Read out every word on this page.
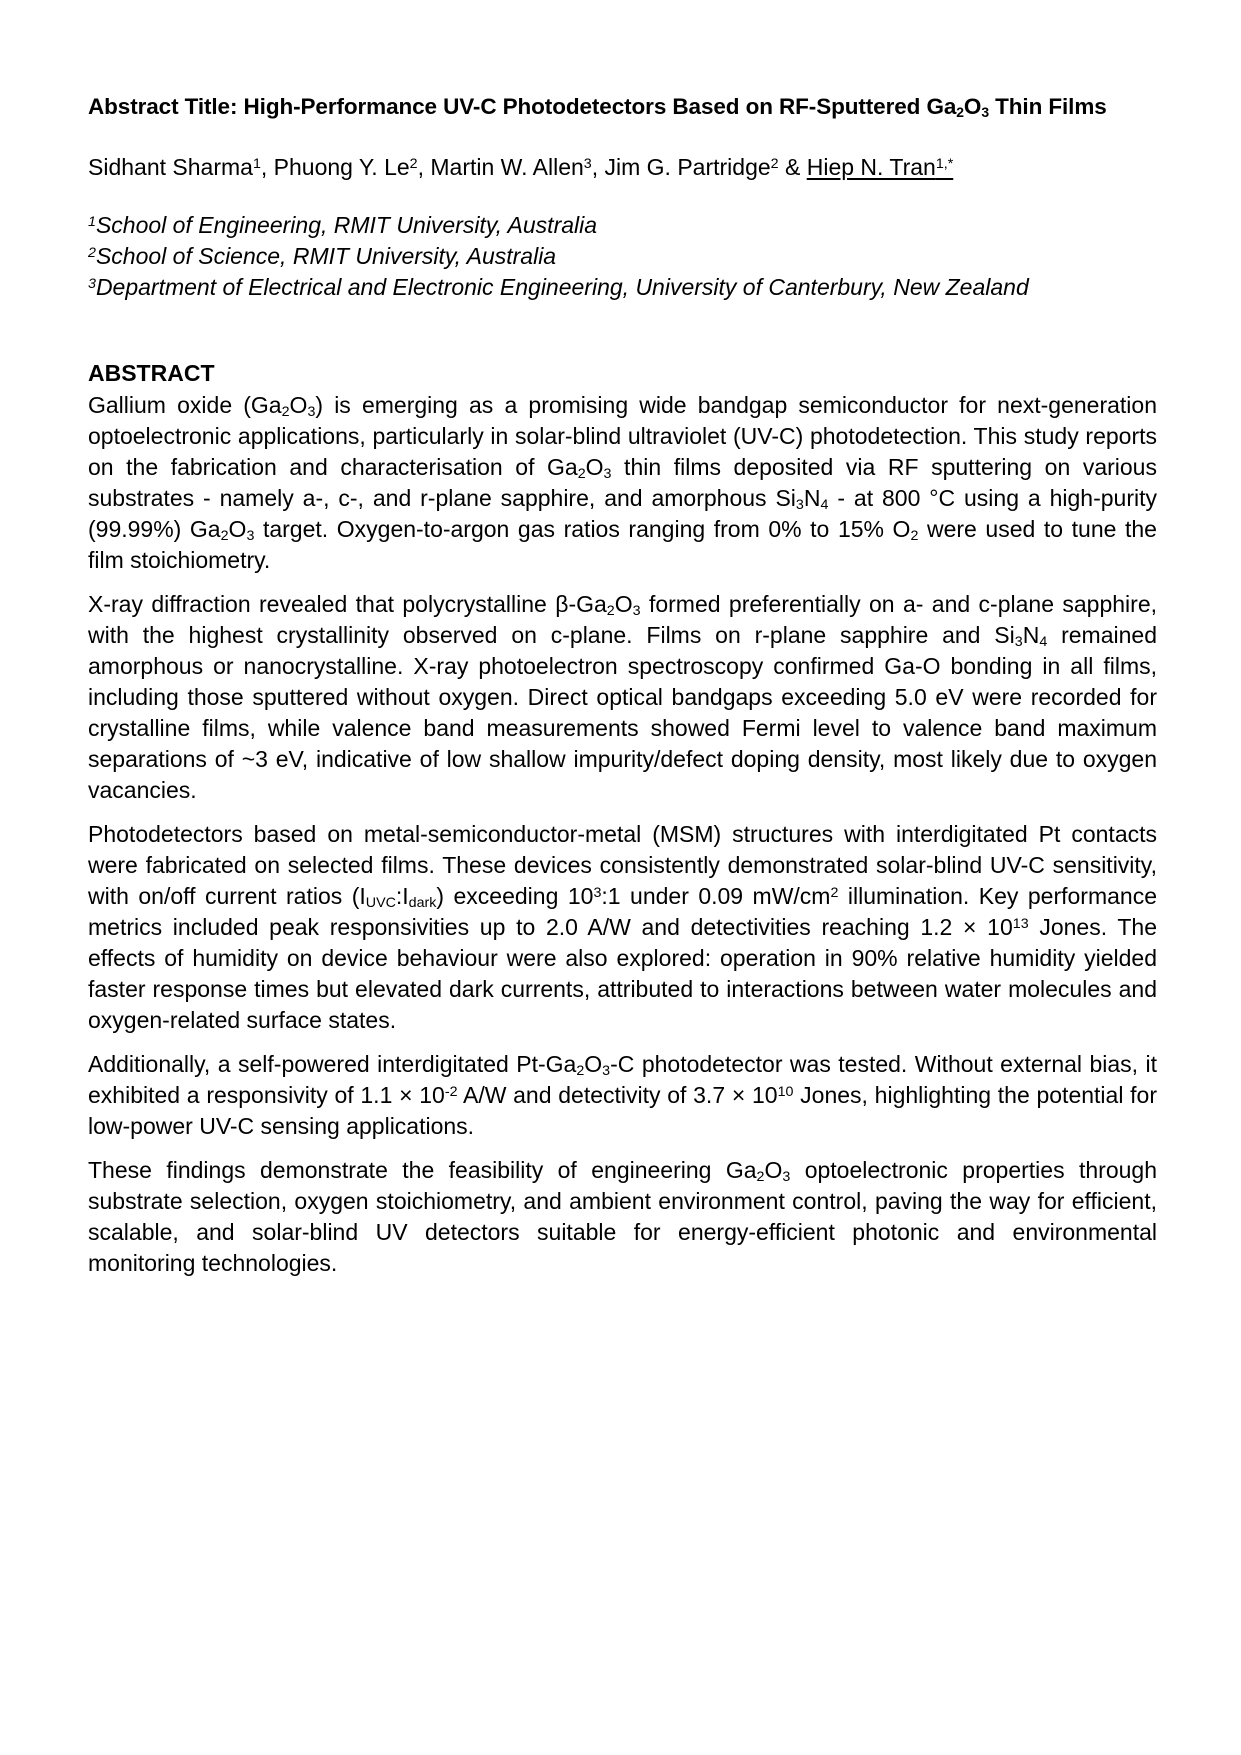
Abstract Title: High-Performance UV-C Photodetectors Based on RF-Sputtered $Ga_2O_3$ Thin Films

Sidhant Sharma$^1$, Phuong Y. Le$^2$, Martin W. Allen$^3$, Jim G. Partridge$^2$ & Hiep N. Tran$^{1,*}$

$^1$School of Engineering, RMIT University, Australia

$^2$School of Science, RMIT University, Australia

$^3$Department of Electrical and Electronic Engineering, University of Canterbury, New Zealand

ABSTRACT

Gallium oxide $(Ga_2O_3)$ is emerging as a promising wide bandgap semiconductor for next-generation optoelectronic applications, particularly in solar-blind ultraviolet (UV-C) photodetection. This study reports on the fabrication and characterisation of $Ga_2O_3$ thin films deposited via RF sputtering on various substrates - namely a-, c-, and r-plane sapphire, and amorphous $Si_3N_4$ - at 800 °C using a high-purity (99.99%) $Ga_2O_3$ target. Oxygen-to-argon gas ratios ranging from 0% to 15% $O_2$ were used to tune the film stoichiometry.

X-ray diffraction revealed that polycrystalline $\beta-Ga_2O_3$ formed preferentially on a- and c-plane sapphire, with the highest crystallinity observed on c-plane. Films on r-plane sapphire and $Si_3N_4$ remained amorphous or nanocrystalline. X-ray photoelectron spectroscopy confirmed Ga-O bonding in all films, including those sputtered without oxygen. Direct optical bandgaps exceeding 5.0 eV were recorded for crystalline films, while valence band measurements showed Fermi level to valence band maximum separations of ~3 eV, indicative of low shallow impurity/defect doping density, most likely due to oxygen vacancies.

Photodetectors based on metal-semiconductor-metal (MSM) structures with interdigitated Pt contacts were fabricated on selected films. These devices consistently demonstrated solar-blind UV-C sensitivity, with on/off current ratios $(I_{UVC}:I_{dark})$ exceeding $10^3:1$ under 0.09 $mW/cm^2$ illumination. Key performance metrics included peak responsivities up to 2.0 A/W and detectivities reaching $1.2 \times 10^{13}$ Jones. The effects of humidity on device behaviour were also explored: operation in 90% relative humidity yielded faster response times but elevated dark currents, attributed to interactions between water molecules and oxygen-related surface states.

Additionally, a self-powered interdigitated $Pt-Ga_2O_3-C$ photodetector was tested. Without external bias, it exhibited a responsivity of $1.1 \times 10^{-2}$ A/W and detectivity of $3.7 \times 10^{10}$ Jones, highlighting the potential for low-power UV-C sensing applications.

These findings demonstrate the feasibility of engineering $Ga_2O_3$ optoelectronic properties through substrate selection, oxygen stoichiometry, and ambient environment control, paving the way for efficient, scalable, and solar-blind UV detectors suitable for energy-efficient photonic and environmental monitoring technologies.
